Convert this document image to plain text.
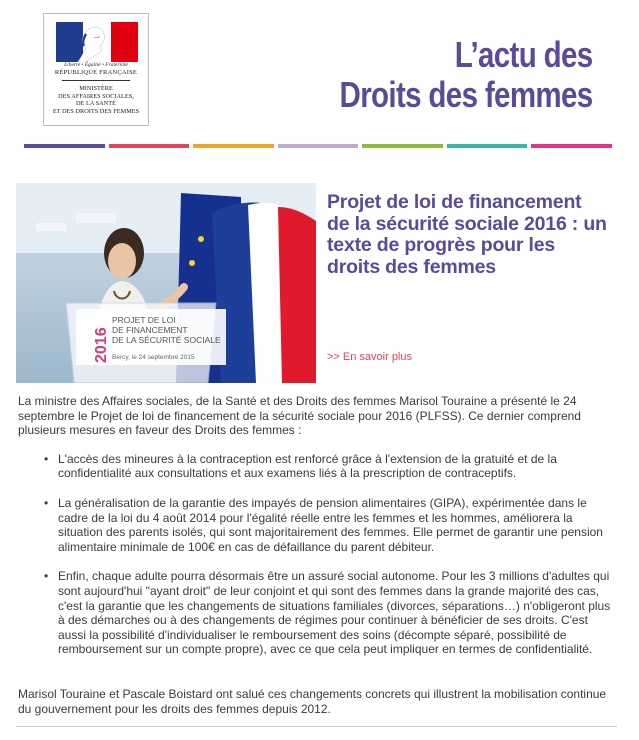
Liberté • Égalité • Fraternité
RÉPUBLIQUE FRANÇAISE
MINISTÈRE
DES AFFAIRES SOCIALES,
DE LA SANTÉ
ET DES DROITS DES FEMMES
L’actu des
Droits des femmes
2016
PROJET DE LOI
DE FINANCEMENT
DE LA SÉCURITÉ SOCIALE
Bercy, le 24 septembre 2015
Projet de loi de financement de la sécurité sociale 2016 : un texte de progrès pour les droits des femmes
>> En savoir plus

La ministre des Affaires sociales, de la Santé et des Droits des femmes Marisol Touraine a présenté le 24 septembre le Projet de loi de financement de la sécurité sociale pour 2016 (PLFSS). Ce dernier comprend plusieurs mesures en faveur des Droits des femmes :

• L'accès des mineures à la contraception est renforcé grâce à l'extension de la gratuité et de la confidentialité aux consultations et aux examens liés à la prescription de contraceptifs.
• La généralisation de la garantie des impayés de pension alimentaires (GIPA), expérimentée dans le cadre de la loi du 4 août 2014 pour l'égalité réelle entre les femmes et les hommes, améliorera la situation des parents isolés, qui sont majoritairement des femmes. Elle permet de garantir une pension alimentaire minimale de 100€ en cas de défaillance du parent débiteur.
• Enfin, chaque adulte pourra désormais être un assuré social autonome. Pour les 3 millions d'adultes qui sont aujourd'hui "ayant droit" de leur conjoint et qui sont des femmes dans la grande majorité des cas, c'est la garantie que les changements de situations familiales (divorces, séparations…) n'obligeront plus à des démarches ou à des changements de régimes pour continuer à bénéficier de ses droits. C'est aussi la possibilité d'individualiser le remboursement des soins (décompte séparé, possibilité de remboursement sur un compte propre), avec ce que cela peut impliquer en termes de confidentialité.
Marisol Touraine et Pascale Boistard ont salué ces changements concrets qui illustrent la mobilisation continue du gouvernement pour les droits des femmes depuis 2012.
